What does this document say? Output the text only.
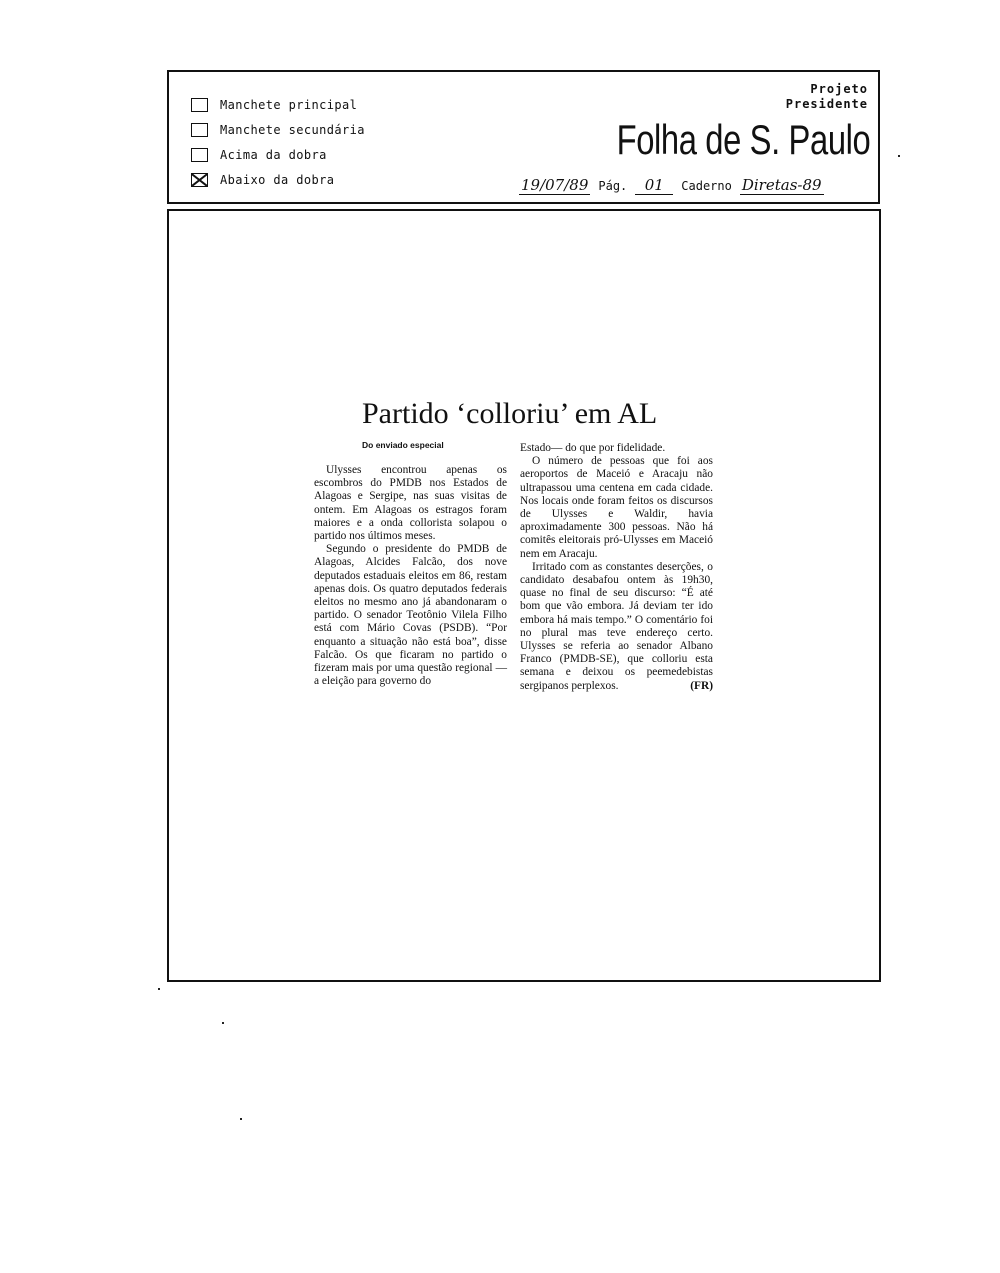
Manchete principal
Manchete secundária
Acima da dobra
Abaixo da dobra
Projeto
Presidente
Folha de S. Paulo
19/07/89 Pág.	01	Caderno Diretas-89
Partido ‘colloriu’ em AL
Do enviado especial

Ulysses encontrou apenas os escombros do PMDB nos Estados de Alagoas e Sergipe, nas suas visitas de ontem. Em Alagoas os estragos foram maiores e a onda collorista solapou o partido nos últimos meses.

Segundo o presidente do PMDB de Alagoas, Alcides Falcão, dos nove deputados estaduais eleitos em 86, restam apenas dois. Os quatro deputados federais eleitos no mesmo ano já abandonaram o partido. O senador Teotônio Vilela Filho está com Mário Covas (PSDB). “Por enquanto a situação não está boa”, disse Falcão. Os que ficaram no partido o fizeram mais por uma questão regional —a eleição para governo do

Estado— do que por fidelidade.

O número de pessoas que foi aos aeroportos de Maceió e Aracaju não ultrapassou uma centena em cada cidade. Nos locais onde foram feitos os discursos de Ulysses e Waldir, havia aproximadamente 300 pessoas. Não há comitês eleitorais pró-Ulysses em Maceió nem em Aracaju.

Irritado com as constantes deserções, o candidato desabafou ontem às 19h30, quase no final de seu discurso: “É até bom que vão embora. Já deviam ter ido embora há mais tempo.” O comentário foi no plural mas teve endereço certo. Ulysses se referia ao senador Albano Franco (PMDB-SE), que colloriu esta semana e deixou os peemedebistas sergipanos perplexos.	(FR)
